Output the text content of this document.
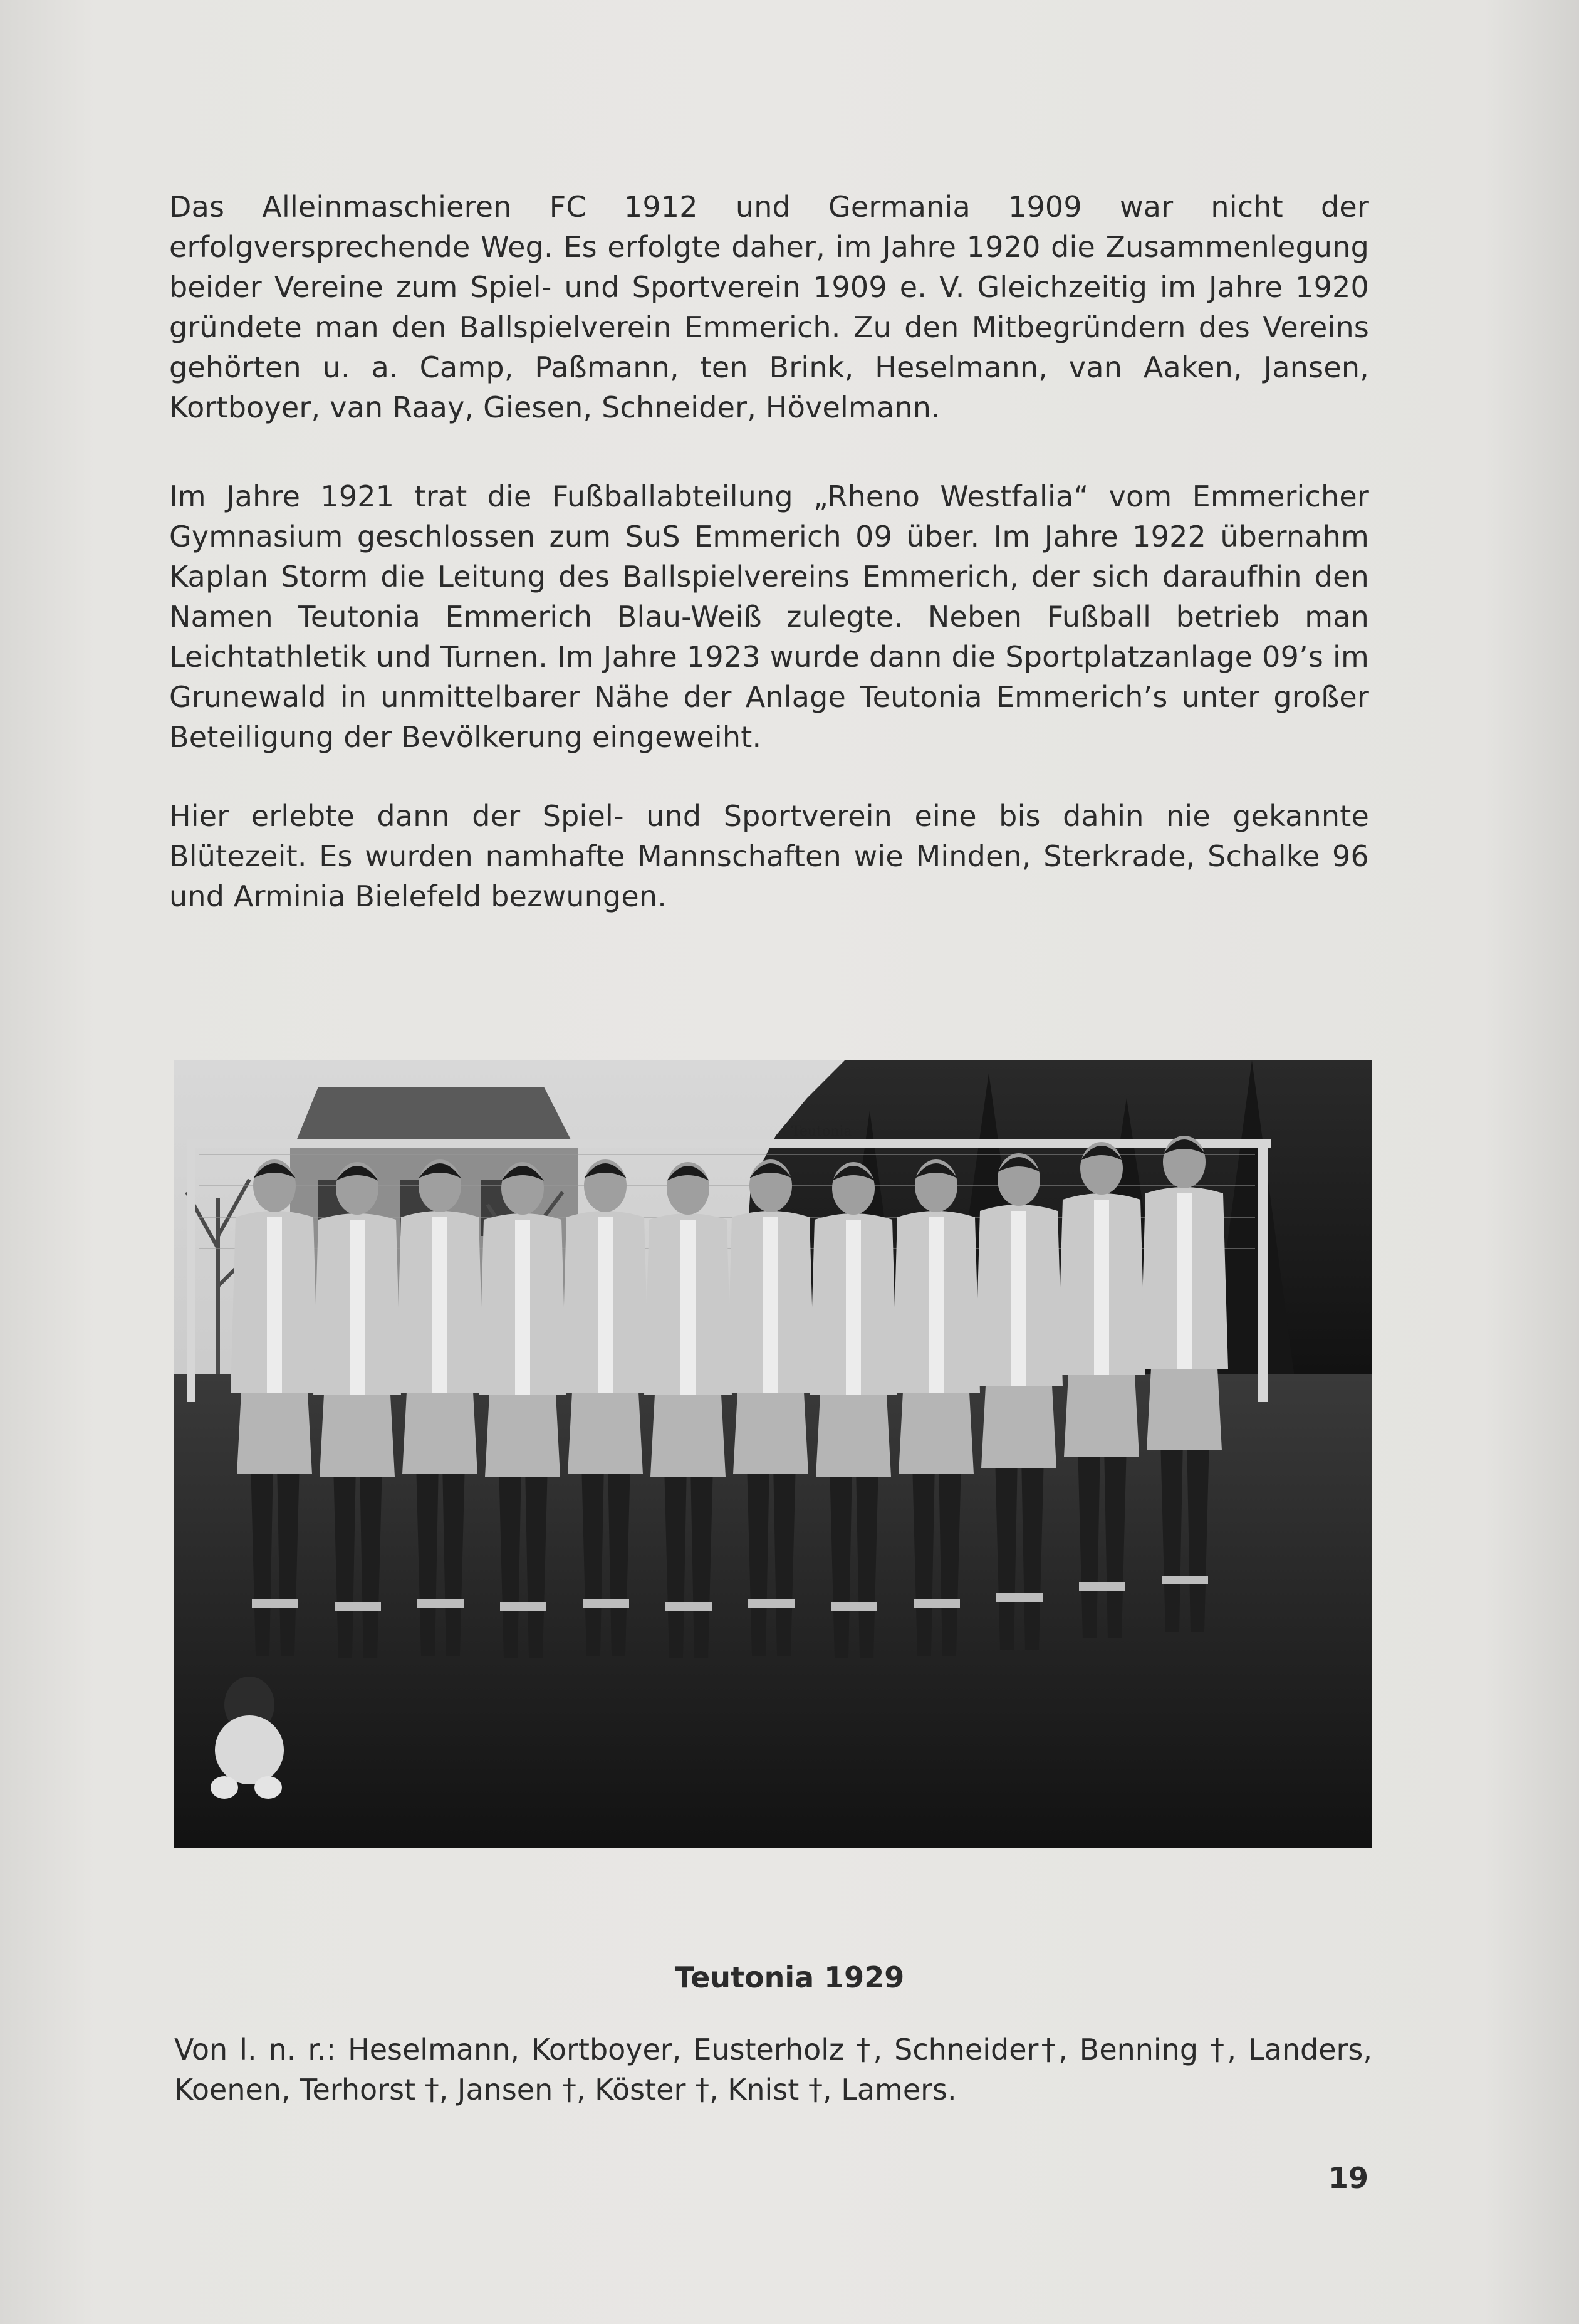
Das Alleinmaschieren FC 1912 und Germania 1909 war nicht der erfolgversprechende Weg. Es erfolgte daher, im Jahre 1920 die Zusammenlegung beider Vereine zum Spiel- und Sportverein 1909 e. V. Gleichzeitig im Jahre 1920 gründete man den Ballspielverein Emmerich. Zu den Mitbegründern des Vereins gehörten u. a. Camp, Paßmann, ten Brink, Heselmann, van Aaken, Jansen, Kortboyer, van Raay, Giesen, Schneider, Hövelmann.

Im Jahre 1921 trat die Fußballabteilung „Rheno Westfalia“ vom Emmericher Gymnasium geschlossen zum SuS Emmerich 09 über. Im Jahre 1922 übernahm Kaplan Storm die Leitung des Ballspielvereins Emmerich, der sich daraufhin den Namen Teutonia Emmerich Blau-Weiß zulegte. Neben Fußball betrieb man Leichtathletik und Turnen. Im Jahre 1923 wurde dann die Sportplatzanlage 09’s im Grunewald in unmittelbarer Nähe der Anlage Teutonia Emmerich’s unter großer Beteiligung der Bevölkerung eingeweiht.

Hier erlebte dann der Spiel- und Sportverein eine bis dahin nie gekannte Blütezeit. Es wurden namhafte Mannschaften wie Minden, Sterkrade, Schalke 96 und Arminia Bielefeld bezwungen.

Teutonia

Teutonia 1929

Von l. n. r.: Heselmann, Kortboyer, Eusterholz †, Schneider†, Benning †, Landers, Koenen, Terhorst †, Jansen †, Köster †, Knist †, Lamers.

19
